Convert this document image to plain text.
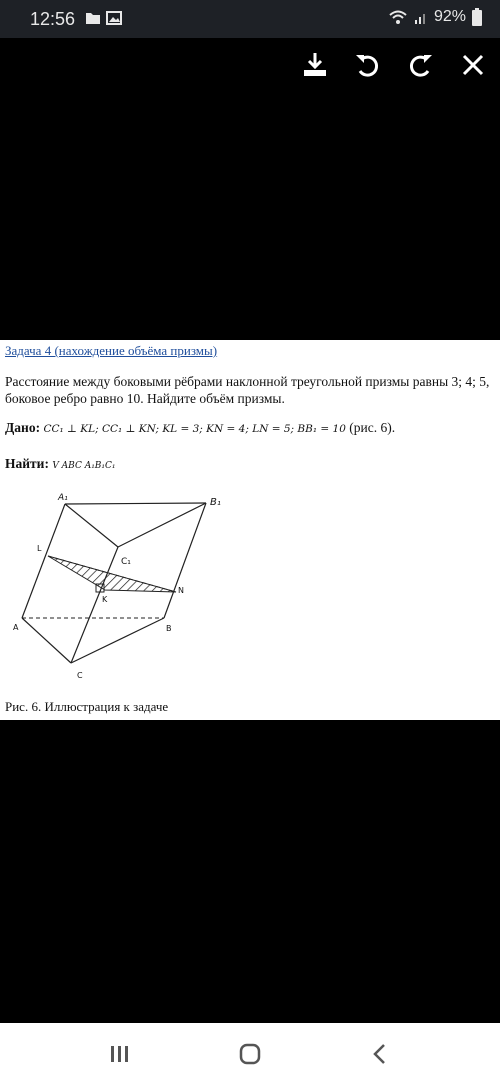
12:56	92%
Задача 4 (нахождение объёма призмы)
Расстояние между боковыми рёбрами наклонной треугольной призмы равны 3; 4; 5, боковое ребро равно 10. Найдите объём призмы.
Дано: CC₁ ⊥ KL; CC₁ ⊥ KN; KL = 3; KN = 4; LN = 5; BB₁ = 10 (рис. 6).
Найти: V ABC A₁B₁C₁
A₁	B₁
C₁
L
K
N
A	B
C
Рис. 6. Иллюстрация к задаче
